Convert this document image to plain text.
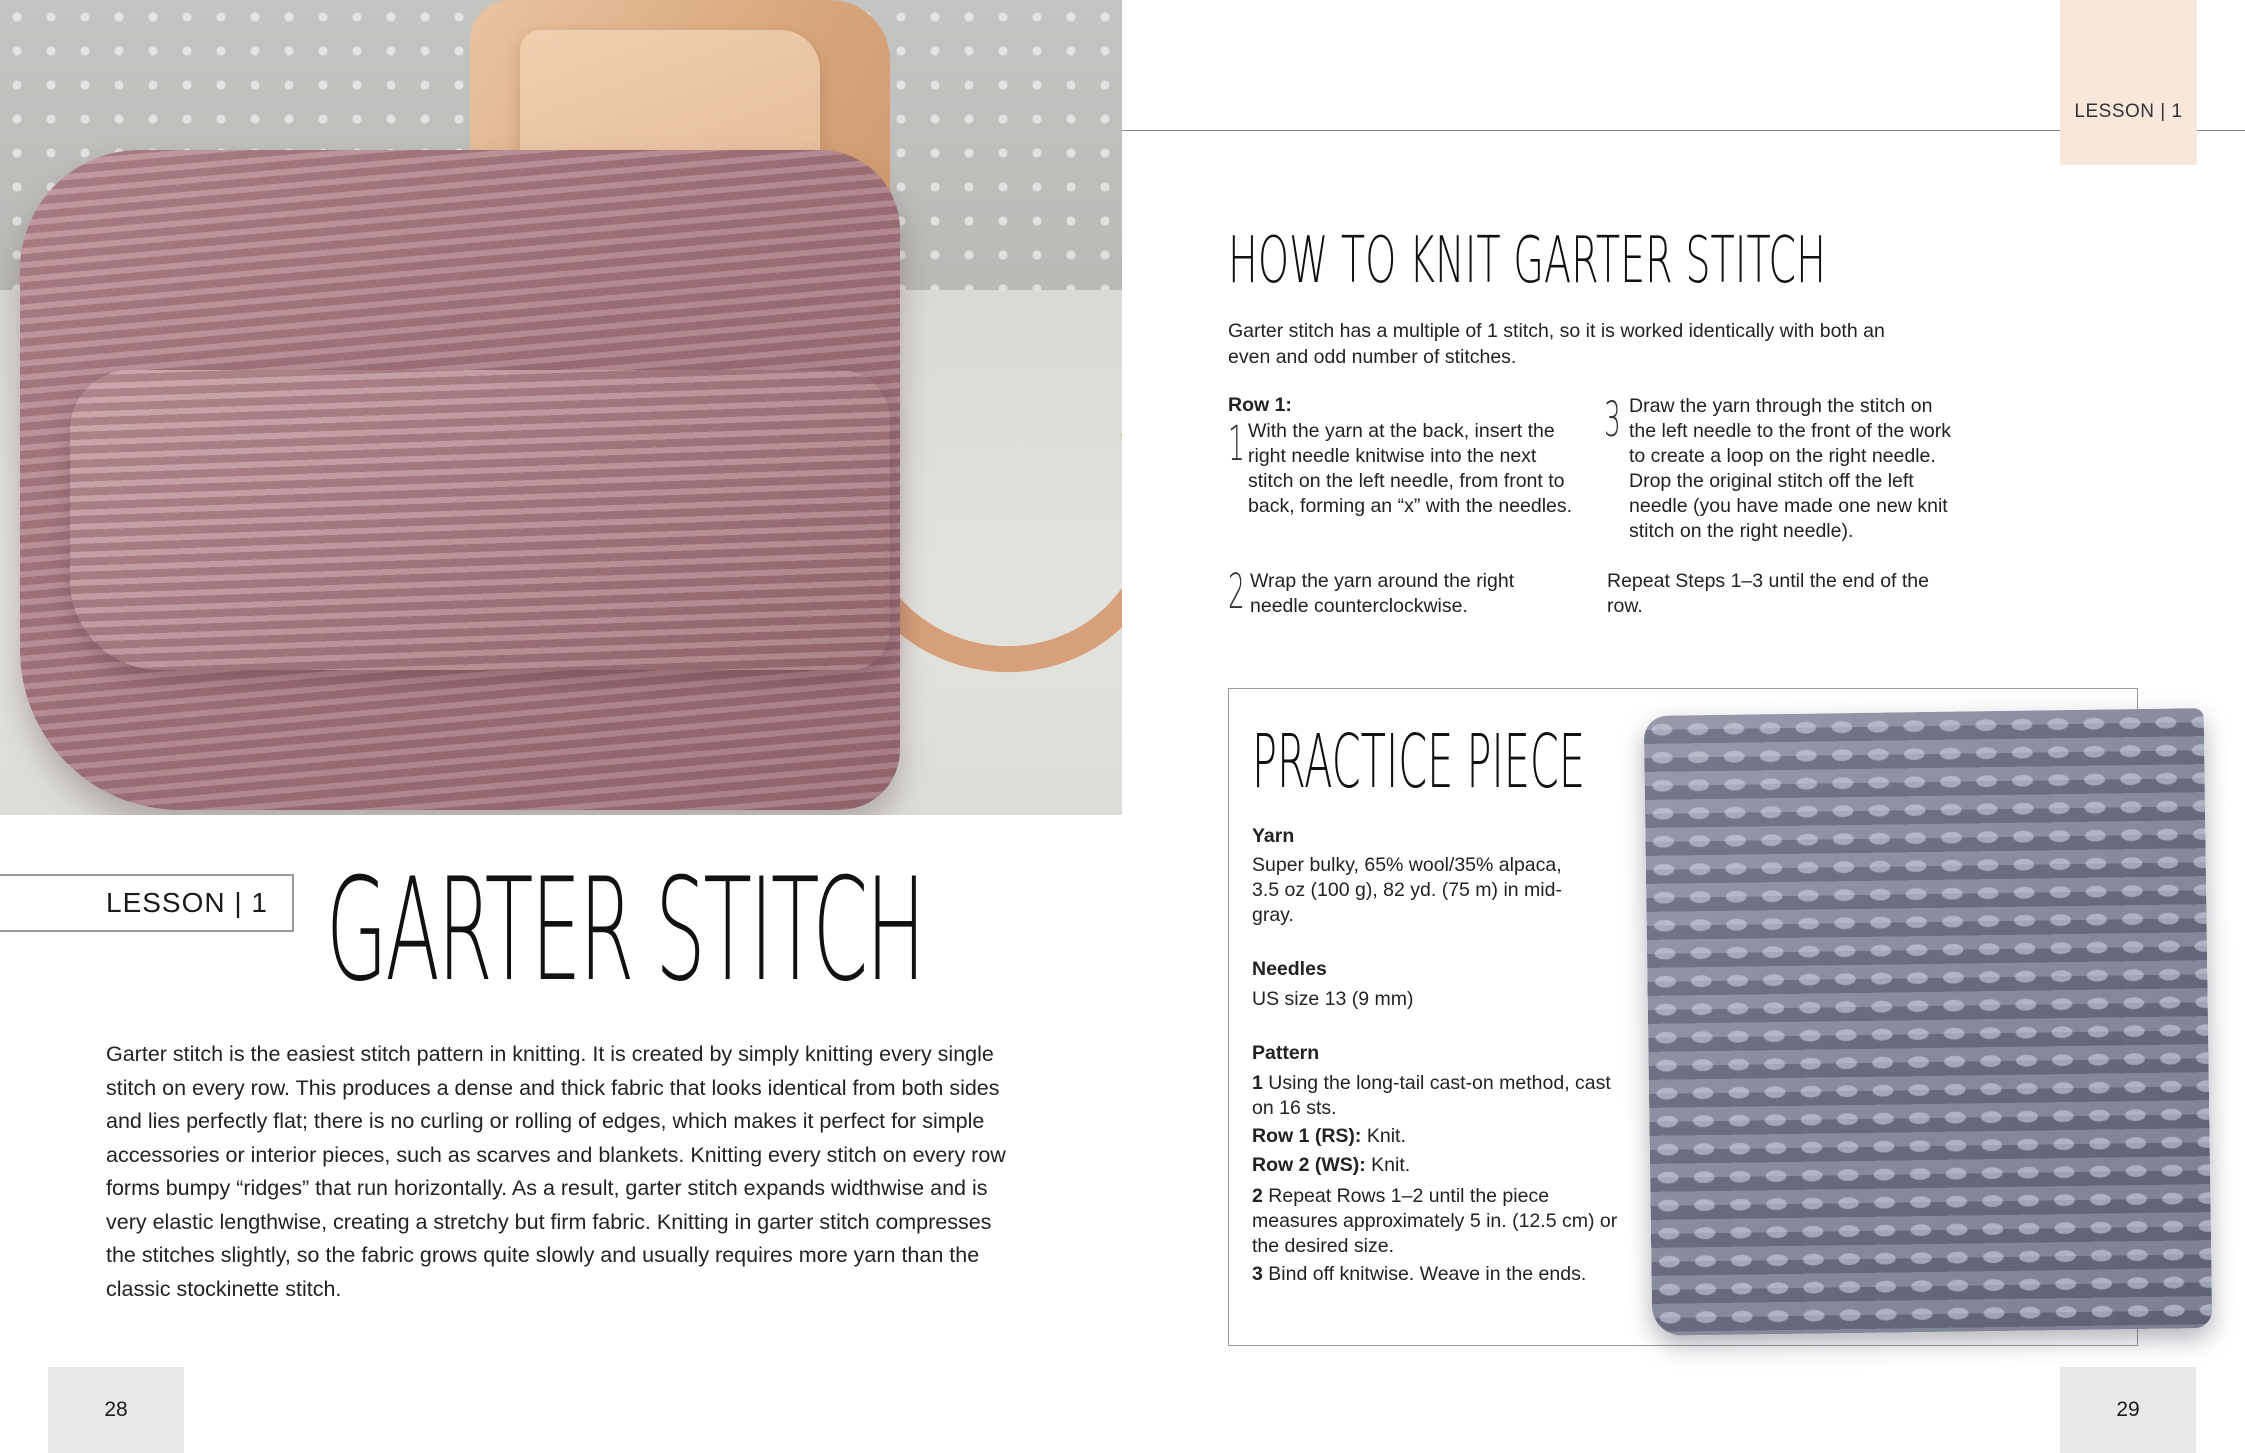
LESSON | 1 GARTER STITCH
Garter stitch is the easiest stitch pattern in knitting. It is created by simply knitting every single stitch on every row. This produces a dense and thick fabric that looks identical from both sides and lies perfectly flat; there is no curling or rolling of edges, which makes it perfect for simple accessories or interior pieces, such as scarves and blankets. Knitting every stitch on every row forms bumpy “ridges” that run horizontally. As a result, garter stitch expands widthwise and is very elastic lengthwise, creating a stretchy but firm fabric. Knitting in garter stitch compresses the stitches slightly, so the fabric grows quite slowly and usually requires more yarn than the classic stockinette stitch.
28
LESSON | 1
HOW TO KNIT GARTER STITCH
Garter stitch has a multiple of 1 stitch, so it is worked identically with both an even and odd number of stitches.
Row 1:
1 With the yarn at the back, insert the right needle knitwise into the next stitch on the left needle, from front to back, forming an “x” with the needles.
2 Wrap the yarn around the right needle counterclockwise.
3 Draw the yarn through the stitch on the left needle to the front of the work to create a loop on the right needle. Drop the original stitch off the left needle (you have made one new knit stitch on the right needle).
Repeat Steps 1–3 until the end of the row.
PRACTICE PIECE
Yarn
Super bulky, 65% wool/35% alpaca, 3.5 oz (100 g), 82 yd. (75 m) in mid-gray.
Needles
US size 13 (9 mm)
Pattern
1 Using the long-tail cast-on method, cast on 16 sts.
Row 1 (RS): Knit.
Row 2 (WS): Knit.
2 Repeat Rows 1–2 until the piece measures approximately 5 in. (12.5 cm) or the desired size.
3 Bind off knitwise. Weave in the ends.
29
